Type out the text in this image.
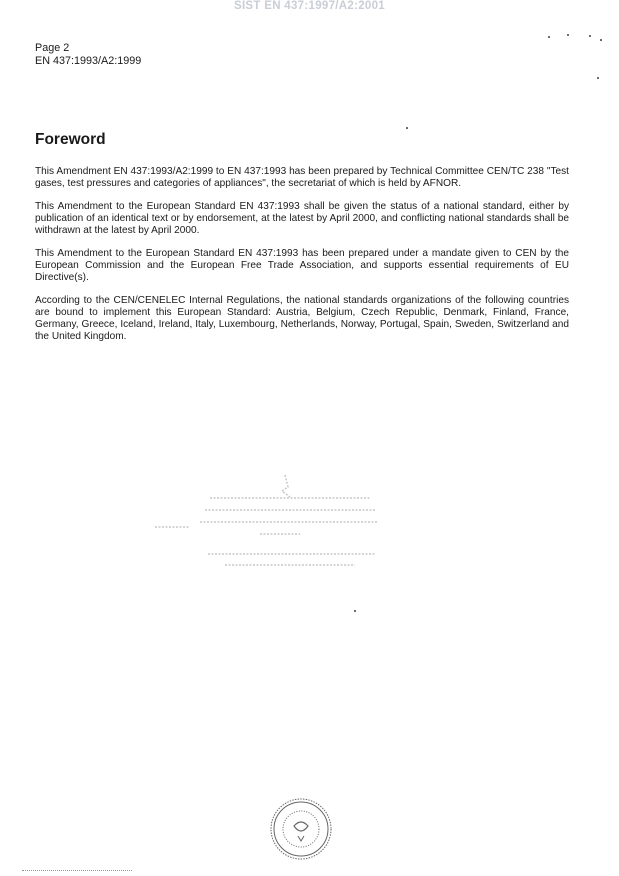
SIST EN 437:1997/A2:2001
Page 2
EN 437:1993/A2:1999
Foreword

This Amendment EN 437:1993/A2:1999 to EN 437:1993 has been prepared by Technical Committee CEN/TC 238 "Test gases, test pressures and categories of appliances", the secretariat of which is held by AFNOR.

This Amendment to the European Standard EN 437:1993 shall be given the status of a national standard, either by publication of an identical text or by endorsement, at the latest by April 2000, and conflicting national standards shall be withdrawn at the latest by April 2000.

This Amendment to the European Standard EN 437:1993 has been prepared under a mandate given to CEN by the European Commission and the European Free Trade Association, and supports essential requirements of EU Directive(s).

According to the CEN/CENELEC Internal Regulations, the national standards organizations of the following countries are bound to implement this European Standard: Austria, Belgium, Czech Republic, Denmark, Finland, France, Germany, Greece, Iceland, Ireland, Italy, Luxembourg, Netherlands, Norway, Portugal, Spain, Sweden, Switzerland and the United Kingdom.
